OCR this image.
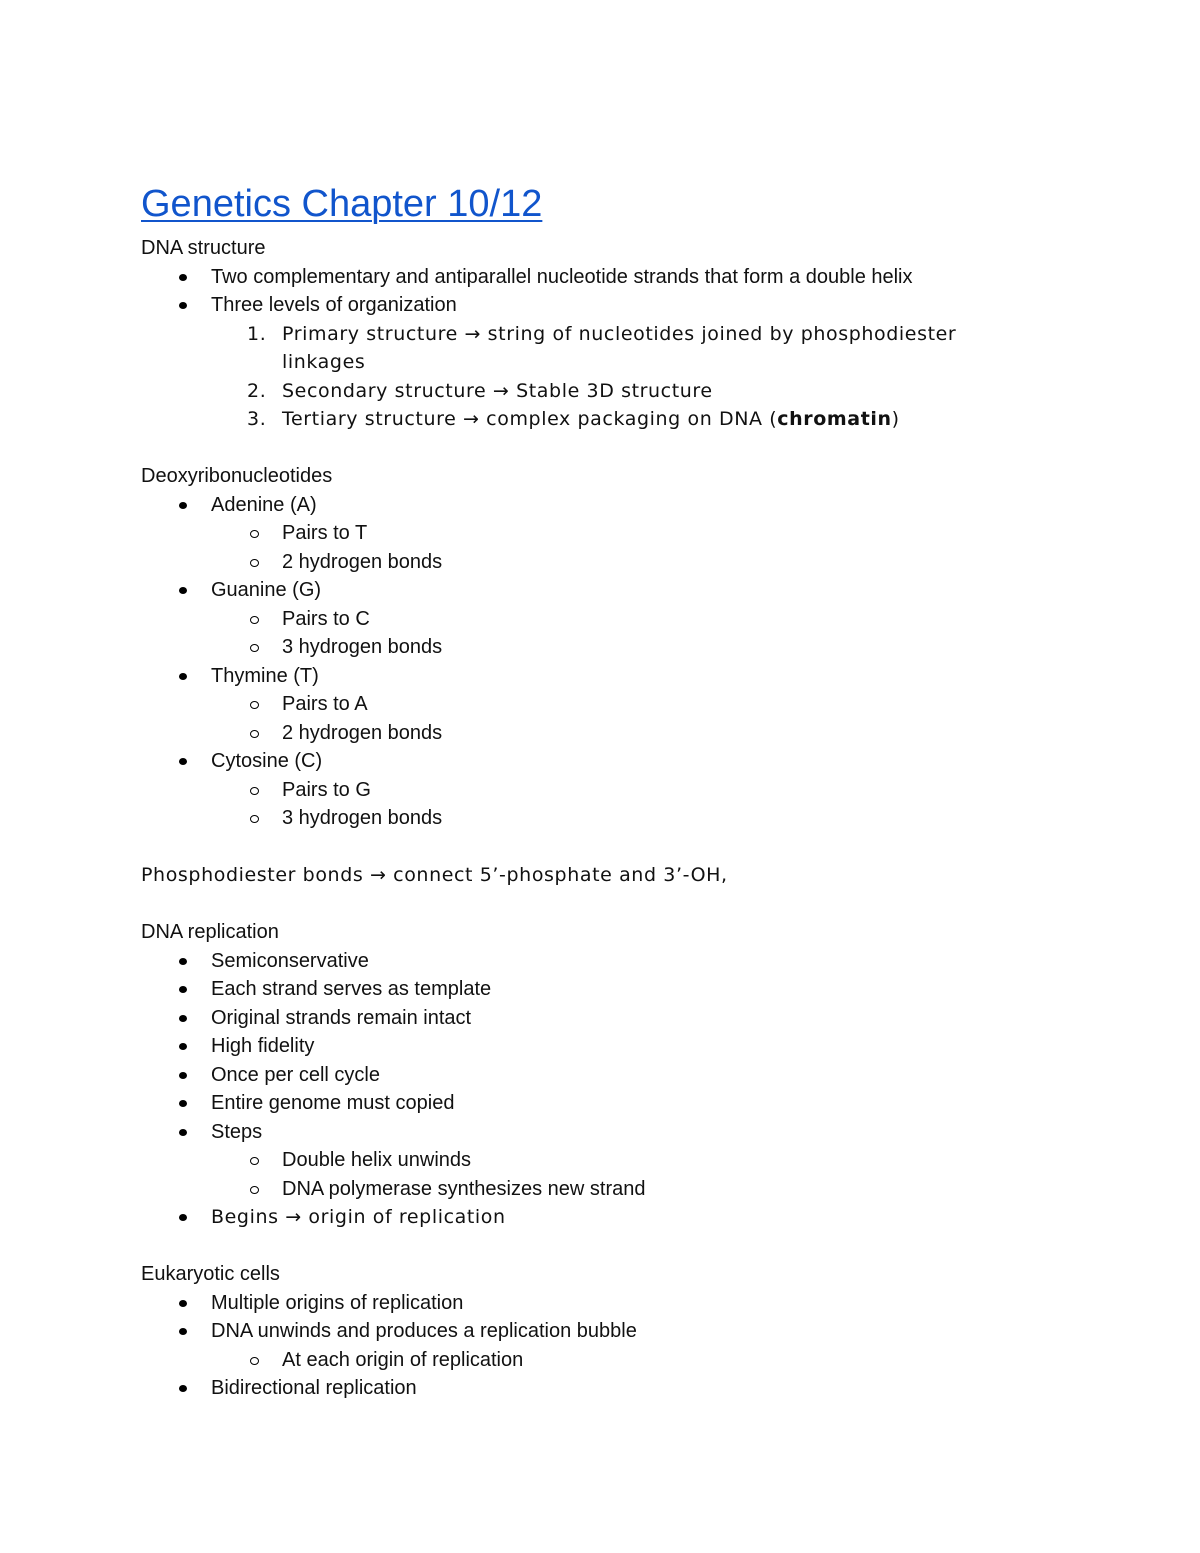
Genetics Chapter 10/12
DNA structure
Two complementary and antiparallel nucleotide strands that form a double helix
Three levels of organization
1. Primary structure → string of nucleotides joined by phosphodiester linkages
2. Secondary structure → Stable 3D structure
3. Tertiary structure → complex packaging on DNA (chromatin)
Deoxyribonucleotides
Adenine (A)
Pairs to T
2 hydrogen bonds
Guanine (G)
Pairs to C
3 hydrogen bonds
Thymine (T)
Pairs to A
2 hydrogen bonds
Cytosine (C)
Pairs to G
3 hydrogen bonds
Phosphodiester bonds → connect 5’-phosphate and 3’-OH,
DNA replication
Semiconservative
Each strand serves as template
Original strands remain intact
High fidelity
Once per cell cycle
Entire genome must copied
Steps
Double helix unwinds
DNA polymerase synthesizes new strand
Begins → origin of replication
Eukaryotic cells
Multiple origins of replication
DNA unwinds and produces a replication bubble
At each origin of replication
Bidirectional replication
